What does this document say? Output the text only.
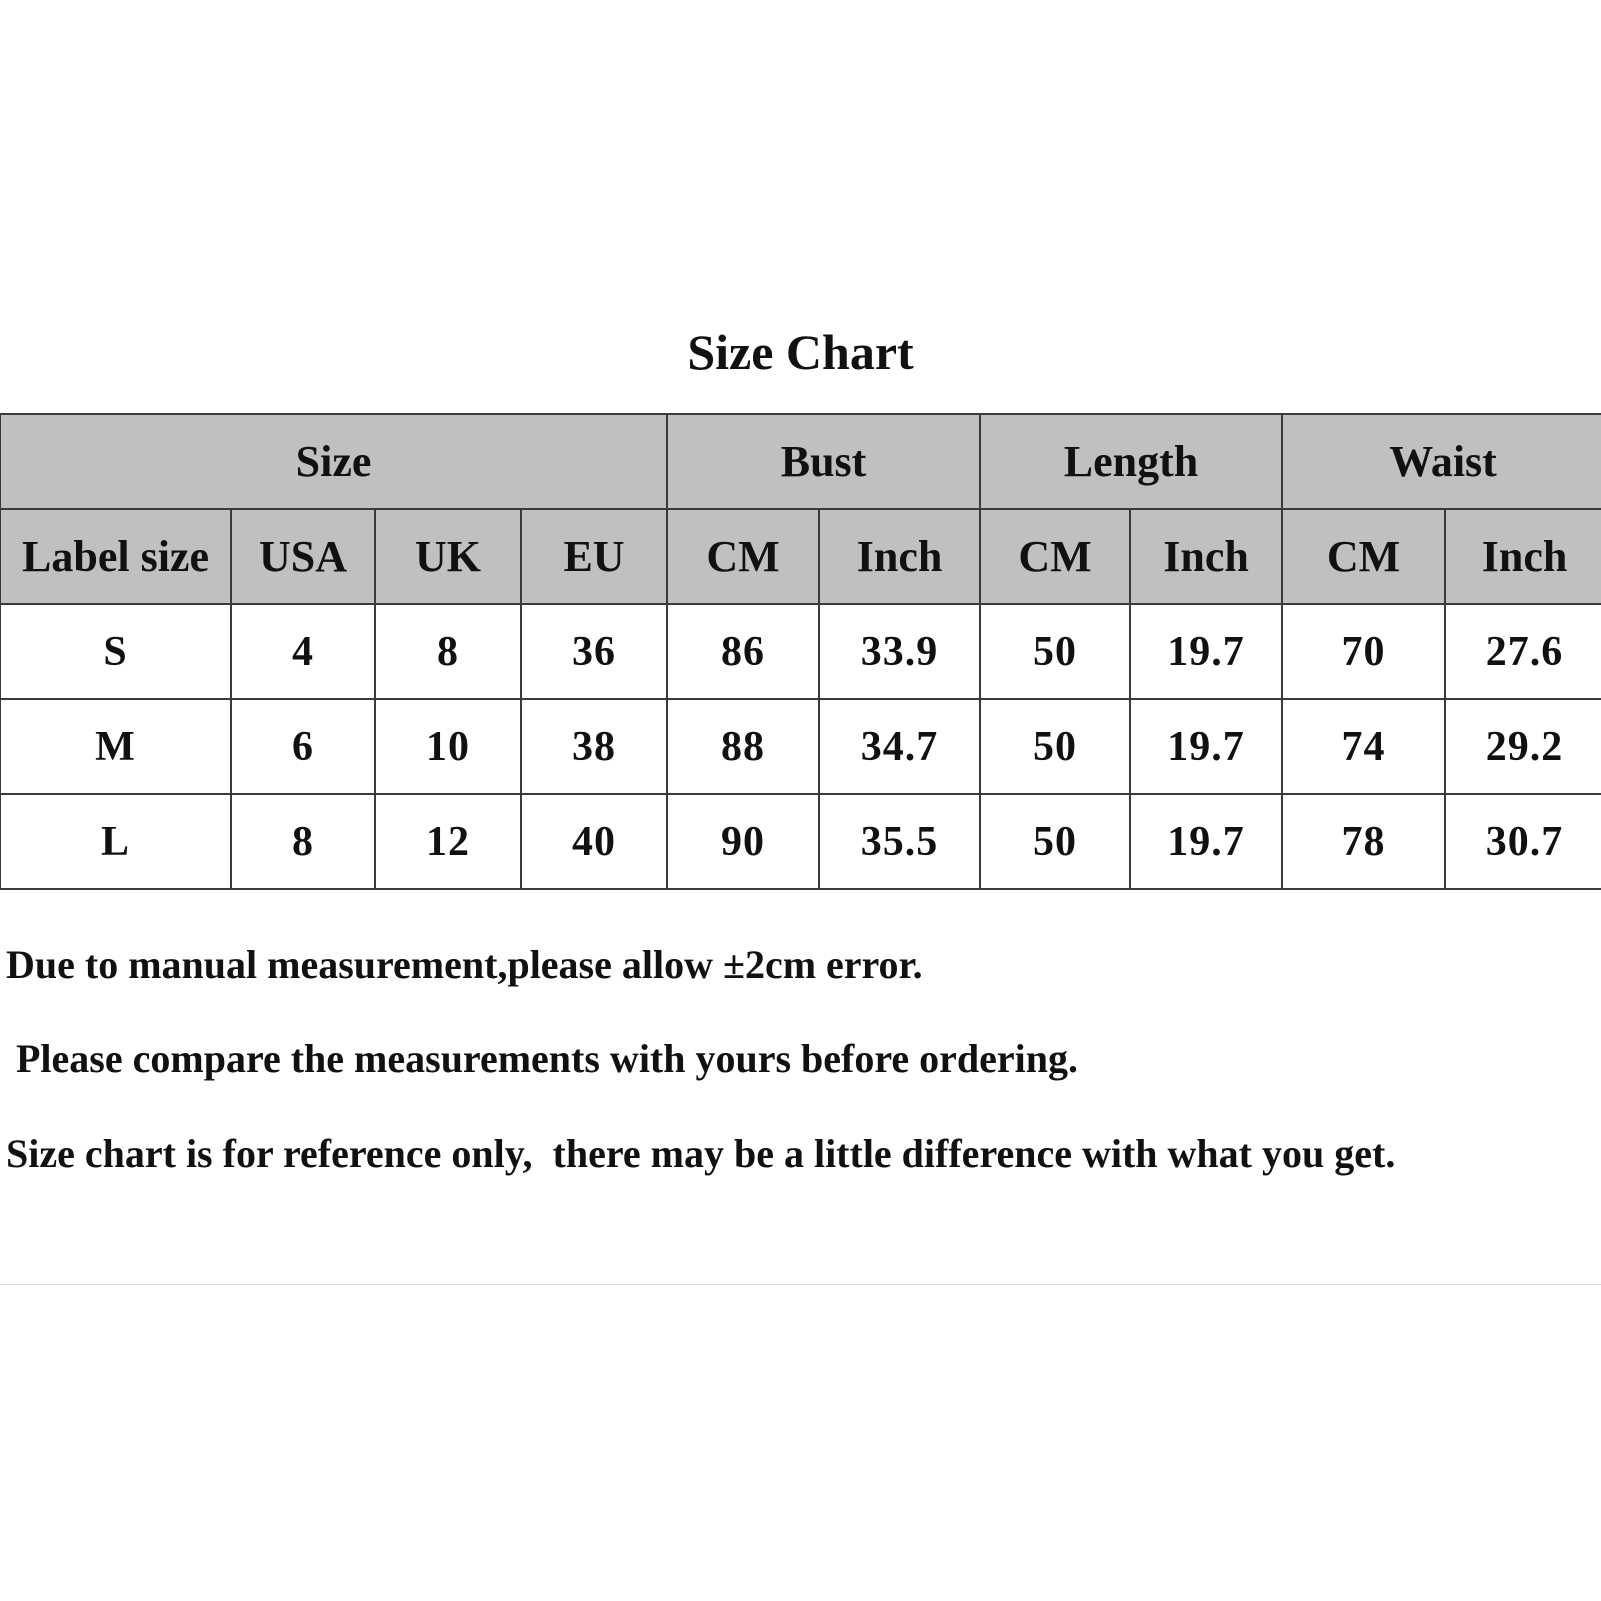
Size Chart
Size				Bust		Length		Waist	
Label size	USA	UK	EU	CM	Inch	CM	Inch	CM	Inch
S	4	8	36	86	33.9	50	19.7	70	27.6
M	6	10	38	88	34.7	50	19.7	74	29.2
L	8	12	40	90	35.5	50	19.7	78	30.7

Due to manual measurement,please allow ±2cm error.

Please compare the measurements with yours before ordering.

Size chart is for reference only,  there may be a little difference with what you get.
